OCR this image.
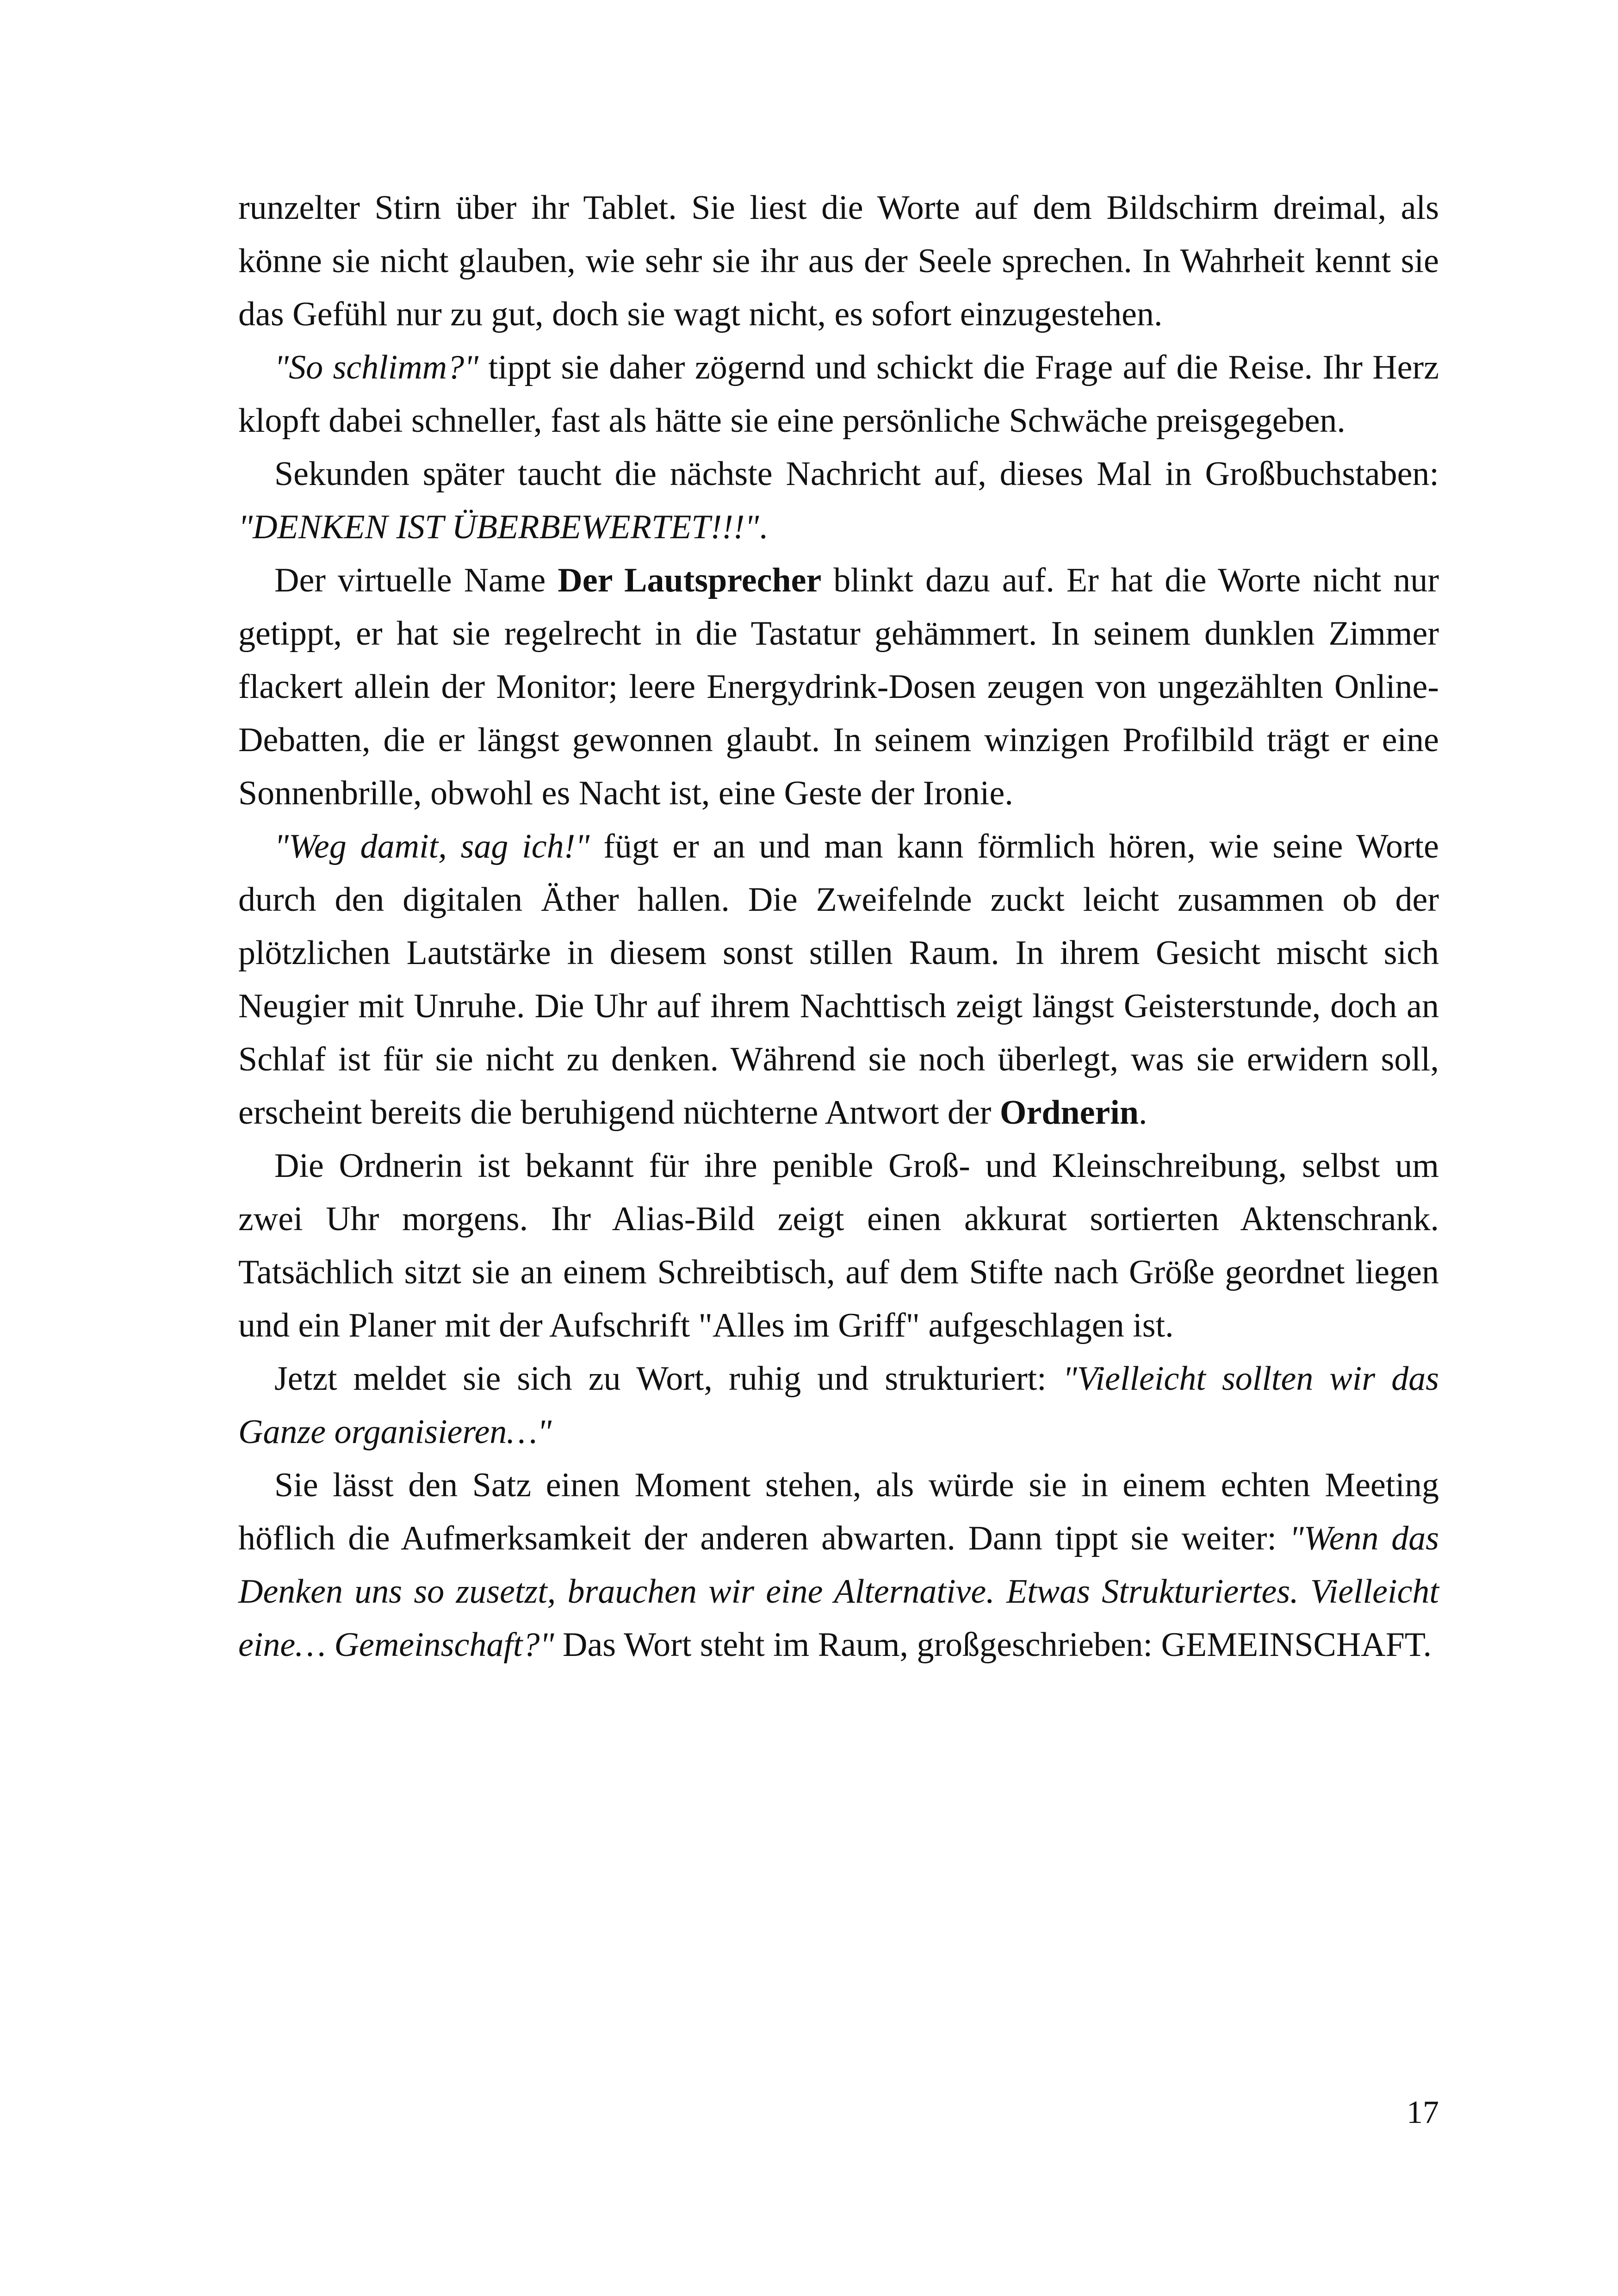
runzelter Stirn über ihr Tablet. Sie liest die Worte auf dem Bildschirm dreimal, als könne sie nicht glauben, wie sehr sie ihr aus der Seele sprechen. In Wahrheit kennt sie das Gefühl nur zu gut, doch sie wagt nicht, es sofort einzugestehen.

"So schlimm?" tippt sie daher zögernd und schickt die Frage auf die Reise. Ihr Herz klopft dabei schneller, fast als hätte sie eine persönliche Schwäche preisgegeben.

Sekunden später taucht die nächste Nachricht auf, dieses Mal in Großbuchstaben: "DENKEN IST ÜBERBEWERTET!!!".

Der virtuelle Name Der Lautsprecher blinkt dazu auf. Er hat die Worte nicht nur getippt, er hat sie regelrecht in die Tastatur gehämmert. In seinem dunklen Zimmer flackert allein der Monitor; leere Energydrink-Dosen zeugen von ungezählten Online-Debatten, die er längst gewonnen glaubt. In seinem winzigen Profilbild trägt er eine Sonnenbrille, obwohl es Nacht ist, eine Geste der Ironie.

"Weg damit, sag ich!" fügt er an und man kann förmlich hören, wie seine Worte durch den digitalen Äther hallen. Die Zweifelnde zuckt leicht zusammen ob der plötzlichen Lautstärke in diesem sonst stillen Raum. In ihrem Gesicht mischt sich Neugier mit Unruhe. Die Uhr auf ihrem Nachttisch zeigt längst Geisterstunde, doch an Schlaf ist für sie nicht zu denken. Während sie noch überlegt, was sie erwidern soll, erscheint bereits die beruhigend nüchterne Antwort der Ordnerin.

Die Ordnerin ist bekannt für ihre penible Groß- und Kleinschreibung, selbst um zwei Uhr morgens. Ihr Alias-Bild zeigt einen akkurat sortierten Aktenschrank. Tatsächlich sitzt sie an einem Schreibtisch, auf dem Stifte nach Größe geordnet liegen und ein Planer mit der Aufschrift "Alles im Griff" aufgeschlagen ist.

Jetzt meldet sie sich zu Wort, ruhig und strukturiert: "Vielleicht sollten wir das Ganze organisieren…"

Sie lässt den Satz einen Moment stehen, als würde sie in einem echten Meeting höflich die Aufmerksamkeit der anderen abwarten. Dann tippt sie weiter: "Wenn das Denken uns so zusetzt, brauchen wir eine Alternative. Etwas Strukturiertes. Vielleicht eine… Gemeinschaft?" Das Wort steht im Raum, großgeschrieben: GEMEINSCHAFT.

17
